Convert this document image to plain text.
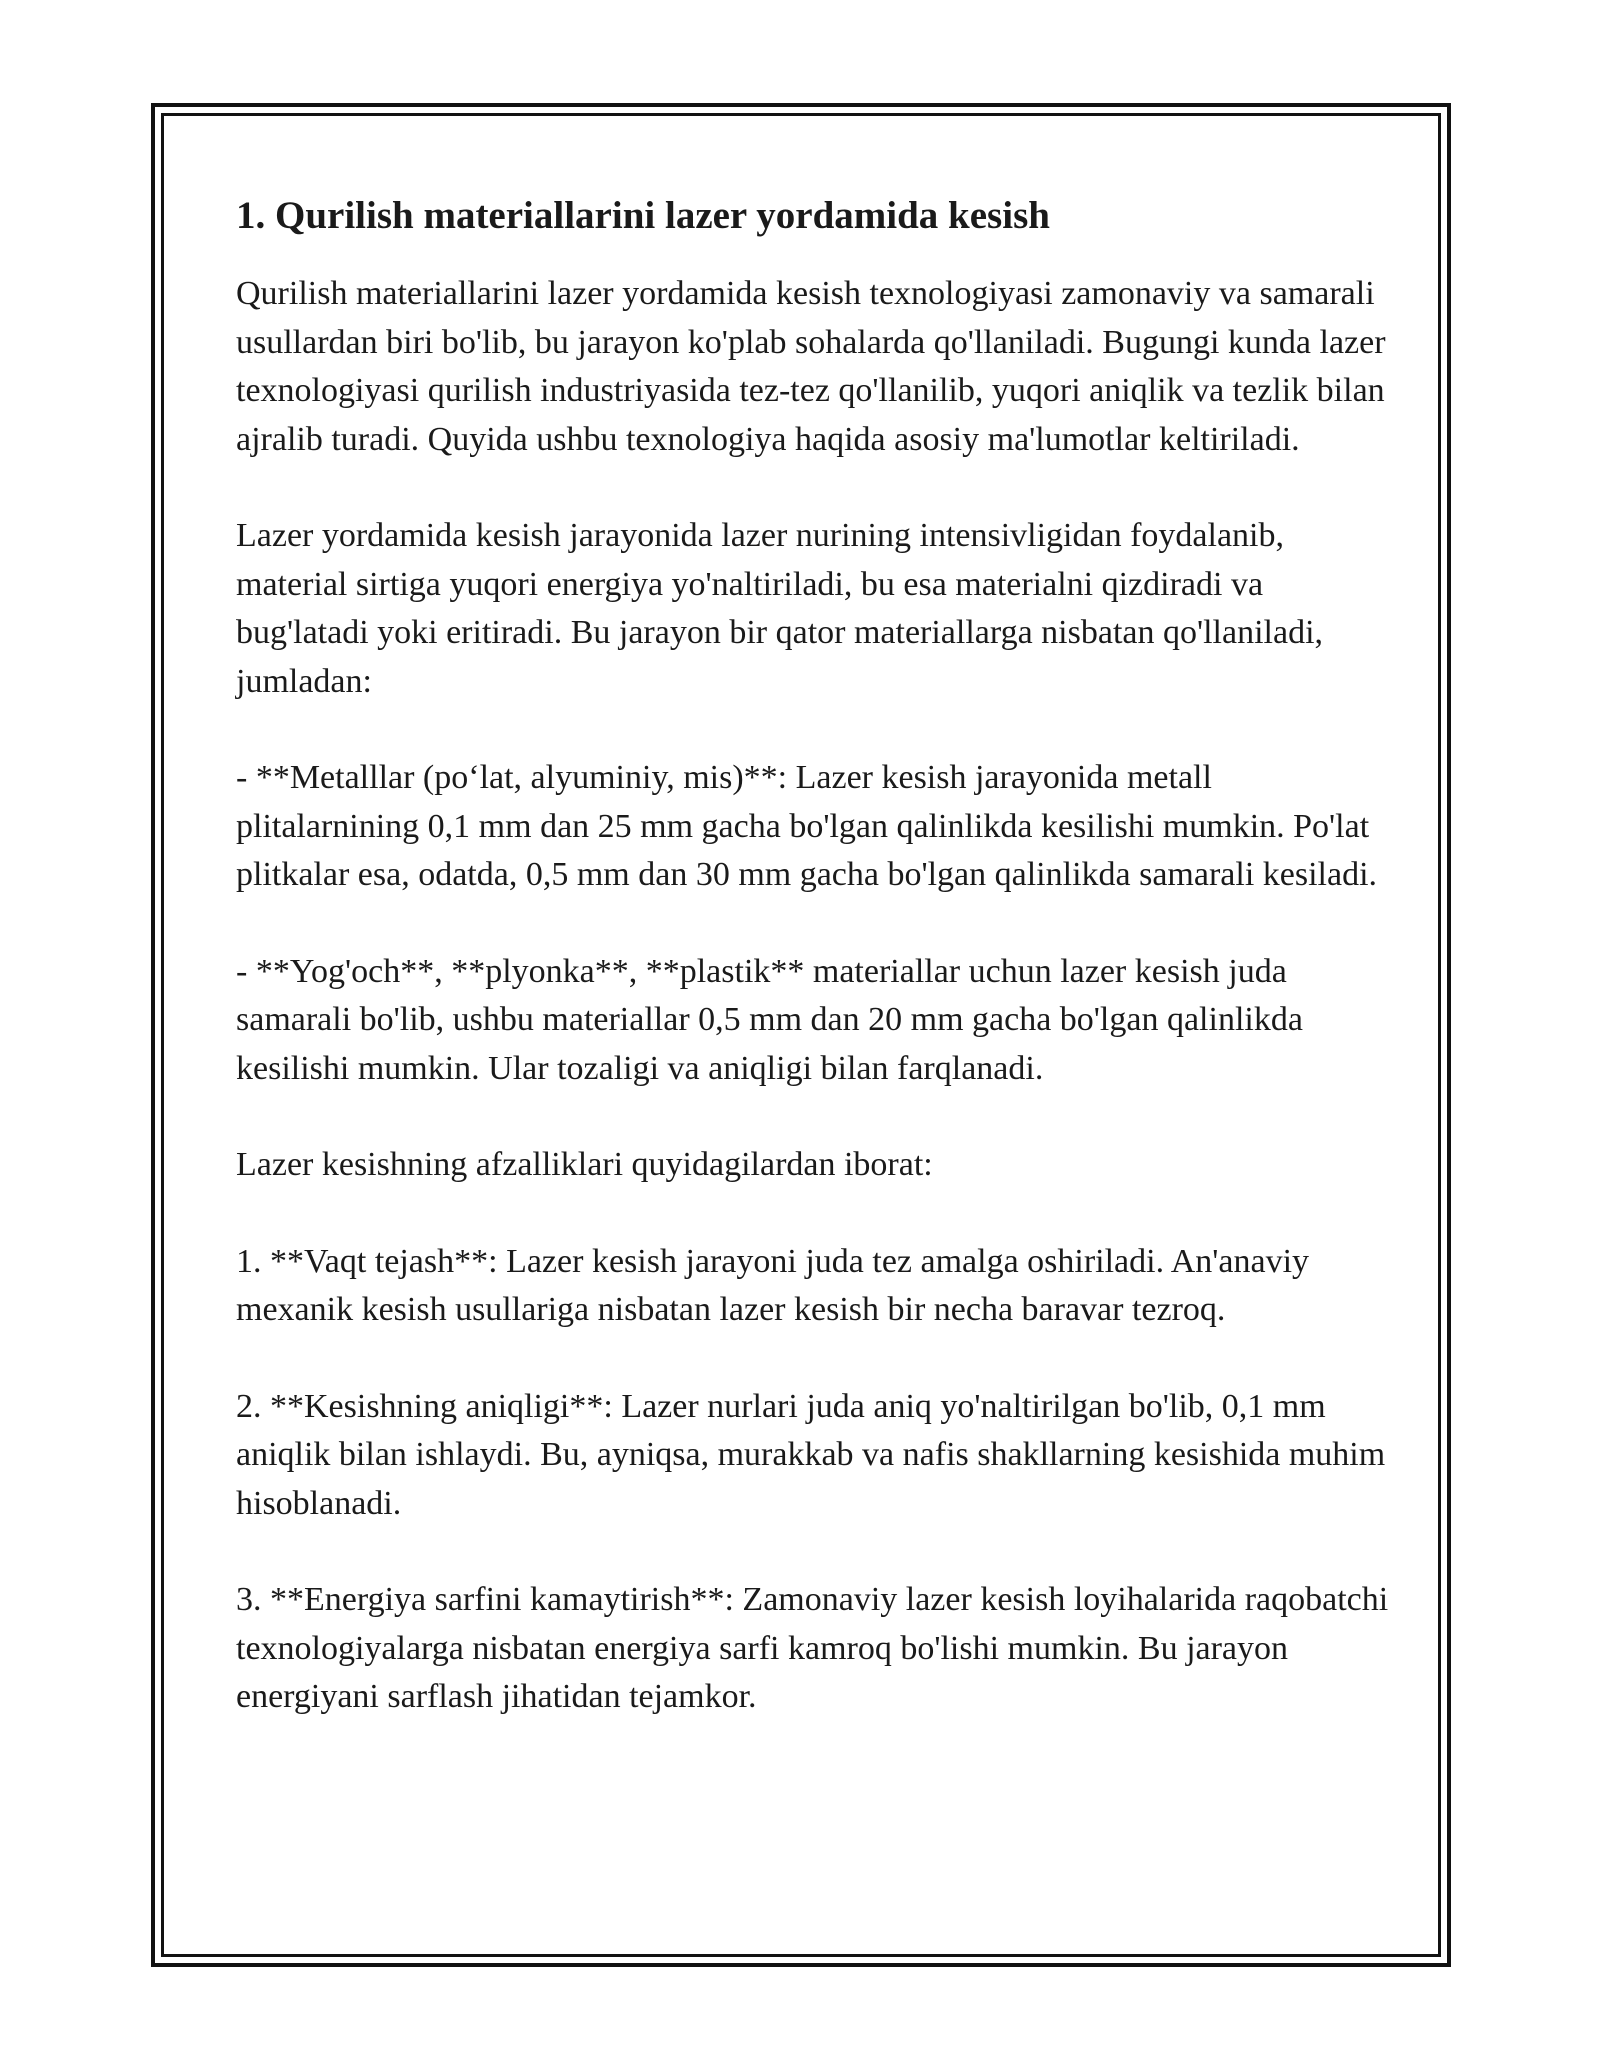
1. Qurilish materiallarini lazer yordamida kesish

Qurilish materiallarini lazer yordamida kesish texnologiyasi zamonaviy va samarali usullardan biri bo'lib, bu jarayon ko'plab sohalarda qo'llaniladi. Bugungi kunda lazer texnologiyasi qurilish industriyasida tez-tez qo'llanilib, yuqori aniqlik va tezlik bilan ajralib turadi. Quyida ushbu texnologiya haqida asosiy ma'lumotlar keltiriladi.

Lazer yordamida kesish jarayonida lazer nurining intensivligidan foydalanib, material sirtiga yuqori energiya yo'naltiriladi, bu esa materialni qizdiradi va bug'latadi yoki eritiradi. Bu jarayon bir qator materiallarga nisbatan qo'llaniladi, jumladan:

- **Metalllar (po‘lat, alyuminiy, mis)**: Lazer kesish jarayonida metall plitalarnining 0,1 mm dan 25 mm gacha bo'lgan qalinlikda kesilishi mumkin. Po'lat plitkalar esa, odatda, 0,5 mm dan 30 mm gacha bo'lgan qalinlikda samarali kesiladi.

- **Yog'och**, **plyonka**, **plastik** materiallar uchun lazer kesish juda samarali bo'lib, ushbu materiallar 0,5 mm dan 20 mm gacha bo'lgan qalinlikda kesilishi mumkin. Ular tozaligi va aniqligi bilan farqlanadi.

Lazer kesishning afzalliklari quyidagilardan iborat:

1. **Vaqt tejash**: Lazer kesish jarayoni juda tez amalga oshiriladi. An'anaviy mexanik kesish usullariga nisbatan lazer kesish bir necha baravar tezroq.

2. **Kesishning aniqligi**: Lazer nurlari juda aniq yo'naltirilgan bo'lib, 0,1 mm aniqlik bilan ishlaydi. Bu, ayniqsa, murakkab va nafis shakllarning kesishida muhim hisoblanadi.

3. **Energiya sarfini kamaytirish**: Zamonaviy lazer kesish loyihalarida raqobatchi texnologiyalarga nisbatan energiya sarfi kamroq bo'lishi mumkin. Bu jarayon energiyani sarflash jihatidan tejamkor.
